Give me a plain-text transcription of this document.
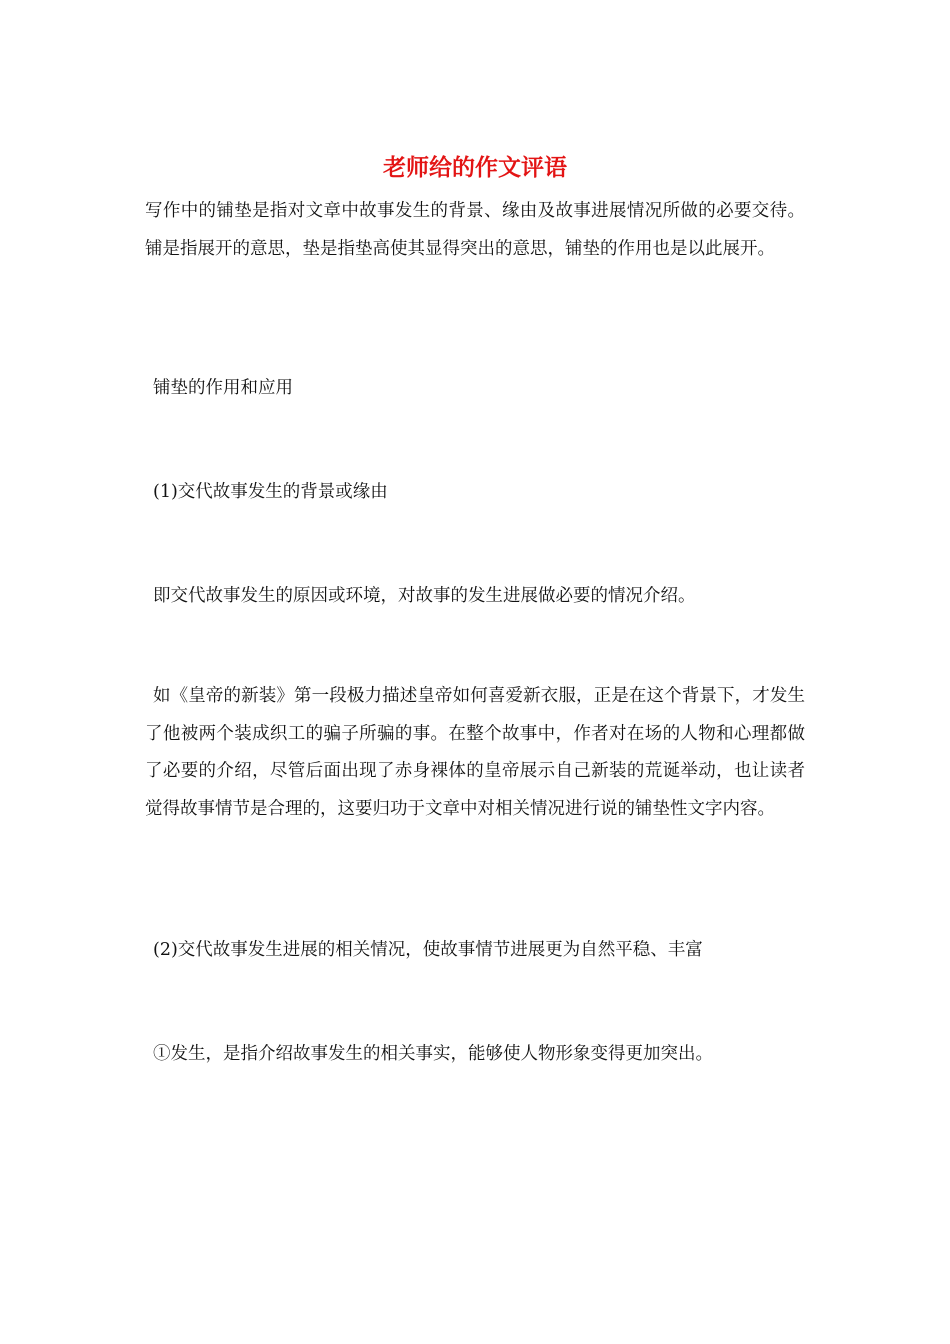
老师给的作文评语

写作中的铺垫是指对文章中故事发生的背景、缘由及故事进展情况所做的必要交待。铺是指展开的意思，垫是指垫高使其显得突出的意思，铺垫的作用也是以此展开。

铺垫的作用和应用

(1)交代故事发生的背景或缘由

即交代故事发生的原因或环境，对故事的发生进展做必要的情况介绍。

如《皇帝的新装》第一段极力描述皇帝如何喜爱新衣服，正是在这个背景下，才发生了他被两个装成织工的骗子所骗的事。在整个故事中，作者对在场的人物和心理都做了必要的介绍，尽管后面出现了赤身裸体的皇帝展示自己新装的荒诞举动，也让读者觉得故事情节是合理的，这要归功于文章中对相关情况进行说的铺垫性文字内容。

(2)交代故事发生进展的相关情况，使故事情节进展更为自然平稳、丰富

①发生，是指介绍故事发生的相关事实，能够使人物形象变得更加突出。
